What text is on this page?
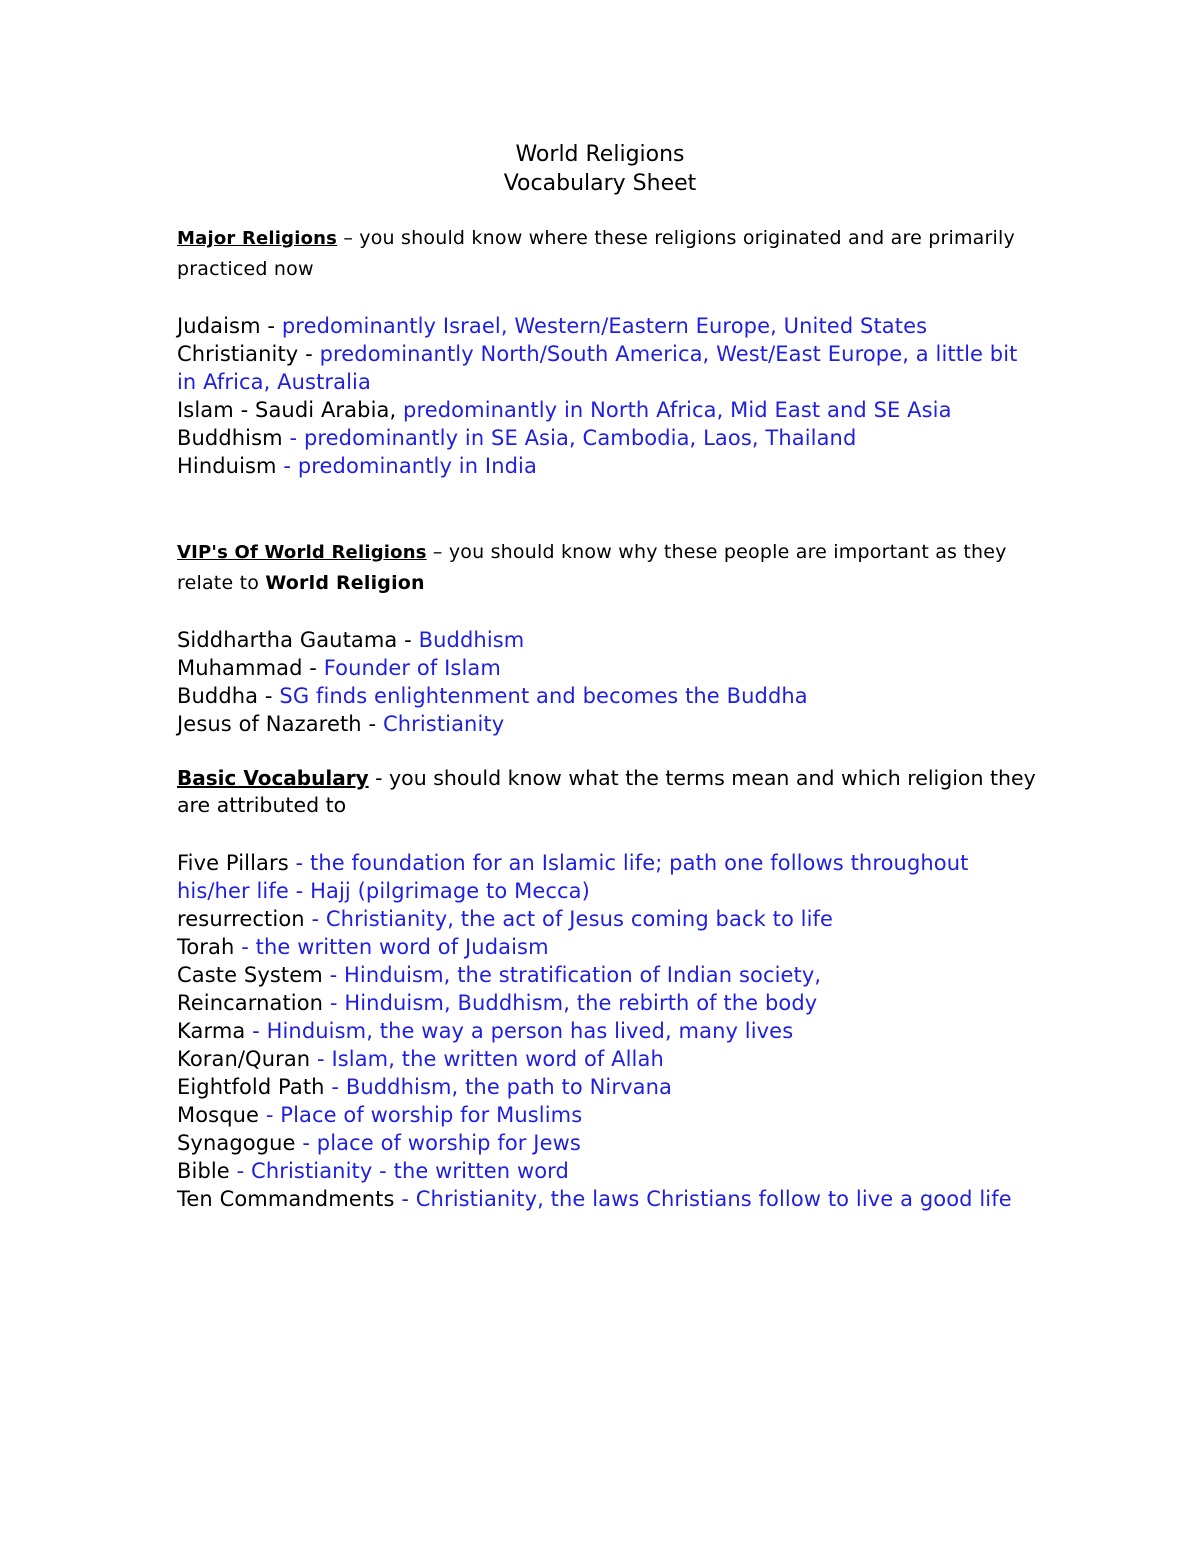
World Religions
Vocabulary Sheet
Major Religions – you should know where these religions originated and are primarily practiced now
Judaism - predominantly Israel, Western/Eastern Europe, United States
Christianity - predominantly North/South America, West/East Europe, a little bit in Africa, Australia
Islam - Saudi Arabia, predominantly in North Africa, Mid East and SE Asia
Buddhism - predominantly in SE Asia, Cambodia, Laos, Thailand
Hinduism - predominantly in India
VIP's Of World Religions – you should know why these people are important as they relate to World Religion
Siddhartha Gautama - Buddhism
Muhammad - Founder of Islam
Buddha - SG finds enlightenment and becomes the Buddha
Jesus of Nazareth - Christianity
Basic Vocabulary - you should know what the terms mean and which religion they are attributed to
Five Pillars - the foundation for an Islamic life; path one follows throughout his/her life - Hajj (pilgrimage to Mecca)
resurrection - Christianity, the act of Jesus coming back to life
Torah - the written word of Judaism
Caste System - Hinduism, the stratification of Indian society,
Reincarnation - Hinduism, Buddhism, the rebirth of the body
Karma - Hinduism, the way a person has lived, many lives
Koran/Quran - Islam, the written word of Allah
Eightfold Path - Buddhism, the path to Nirvana
Mosque - Place of worship for Muslims
Synagogue - place of worship for Jews
Bible - Christianity - the written word
Ten Commandments - Christianity, the laws Christians follow to live a good life
